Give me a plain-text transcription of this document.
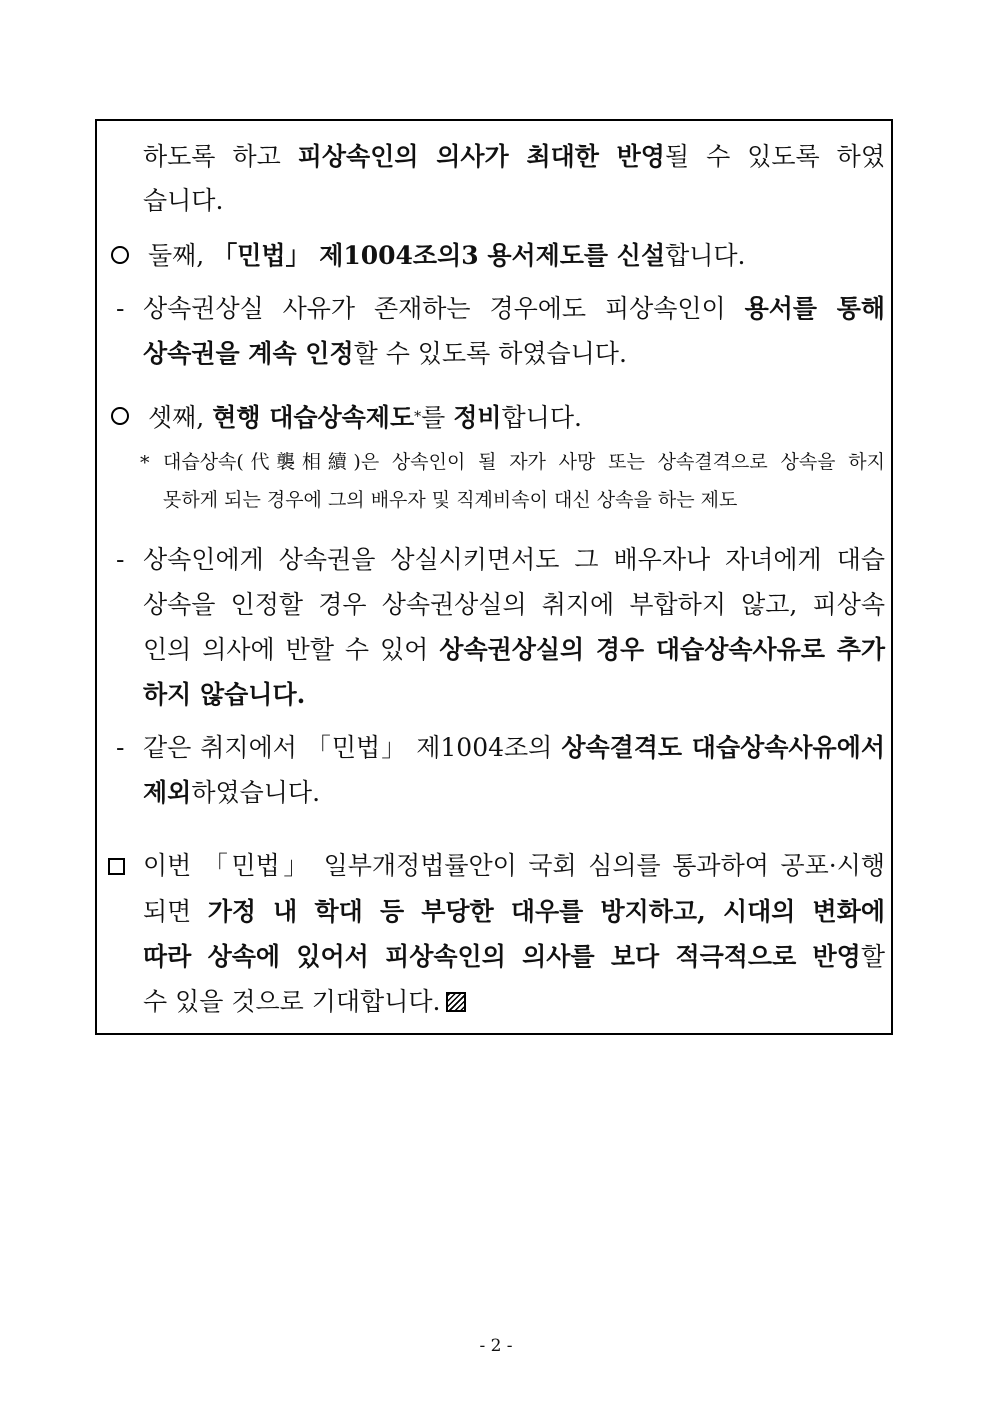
하도록 하고 피상속인의 의사가 최대한 반영될 수 있도록 하였
습니다.
둘째, 「민법」 제1004조의3 용서제도를 신설합니다.
- 상속권상실 사유가 존재하는 경우에도 피상속인이 용서를 통해
상속권을 계속 인정할 수 있도록 하였습니다.
셋째, 현행 대습상속제도*를 정비합니다.
* 대습상속(代襲相續)은 상속인이 될 자가 사망 또는 상속결격으로 상속을 하지
못하게 되는 경우에 그의 배우자 및 직계비속이 대신 상속을 하는 제도
- 상속인에게 상속권을 상실시키면서도 그 배우자나 자녀에게 대습
상속을 인정할 경우 상속권상실의 취지에 부합하지 않고, 피상속
인의 의사에 반할 수 있어 상속권상실의 경우 대습상속사유로 추가
하지 않습니다.
- 같은 취지에서 「민법」 제1004조의 상속결격도 대습상속사유에서
제외하였습니다.
이번 「민법」 일부개정법률안이 국회 심의를 통과하여 공포·시행
되면 가정 내 학대 등 부당한 대우를 방지하고, 시대의 변화에
따라 상속에 있어서 피상속인의 의사를 보다 적극적으로 반영할
수 있을 것으로 기대합니다.
- 2 -
